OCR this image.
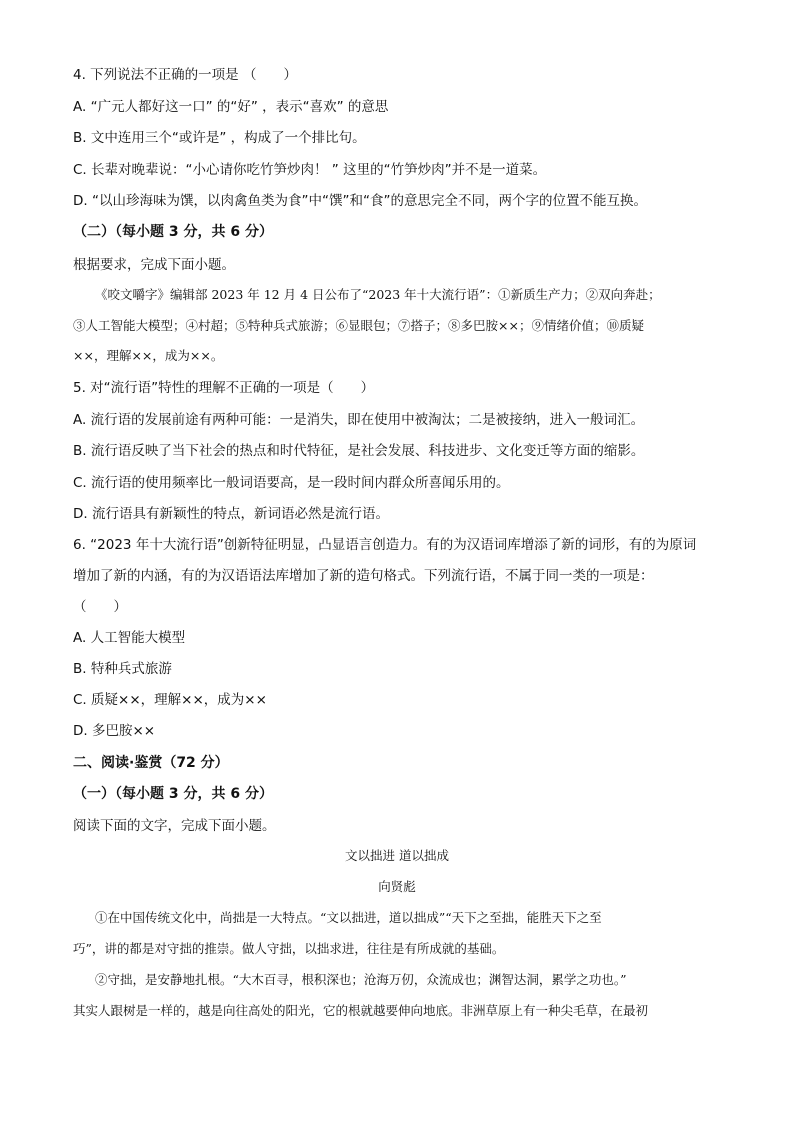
4. 下列说法不正确的一项是 （　　）
A. “广元人都好这一口” 的“好” ，表示“喜欢” 的意思
B. 文中连用三个“或许是” ，构成了一个排比句。
C. 长辈对晚辈说：“小心请你吃竹笋炒肉！ ” 这里的“竹笋炒肉”并不是一道菜。
D. “以山珍海味为馔，以肉禽鱼类为食”中“馔”和“食”的意思完全不同，两个字的位置不能互换。
（二）（每小题 3 分，共 6 分）
根据要求，完成下面小题。
《咬文嚼字》编辑部 2023 年 12 月 4 日公布了“2023 年十大流行语”：①新质生产力；②双向奔赴；
③人工智能大模型；④村超；⑤特种兵式旅游；⑥显眼包；⑦搭子；⑧多巴胺××；⑨情绪价值；⑩质疑
××，理解××，成为××。
5. 对“流行语”特性的理解不正确的一项是（　　）
A. 流行语的发展前途有两种可能：一是消失，即在使用中被淘汰；二是被接纳，进入一般词汇。
B. 流行语反映了当下社会的热点和时代特征，是社会发展、科技进步、文化变迁等方面的缩影。
C. 流行语的使用频率比一般词语要高，是一段时间内群众所喜闻乐用的。
D. 流行语具有新颖性的特点，新词语必然是流行语。
6. “2023 年十大流行语”创新特征明显，凸显语言创造力。有的为汉语词库增添了新的词形，有的为原词
增加了新的内涵，有的为汉语语法库增加了新的造句格式。下列流行语，不属于同一类的一项是：
（　　）
A. 人工智能大模型
B. 特种兵式旅游
C. 质疑××，理解××，成为××
D. 多巴胺××
二、阅读·鉴赏（72 分）
（一）（每小题 3 分，共 6 分）
阅读下面的文字，完成下面小题。
文以拙进 道以拙成
向贤彪
①在中国传统文化中，尚拙是一大特点。“文以拙进，道以拙成”“天下之至拙，能胜天下之至
巧”，讲的都是对守拙的推崇。做人守拙，以拙求进，往往是有所成就的基础。
②守拙，是安静地扎根。“大木百寻，根积深也；沧海万仞，众流成也；渊智达洞，累学之功也。”
其实人跟树是一样的，越是向往高处的阳光，它的根就越要伸向地底。非洲草原上有一种尖毛草，在最初
